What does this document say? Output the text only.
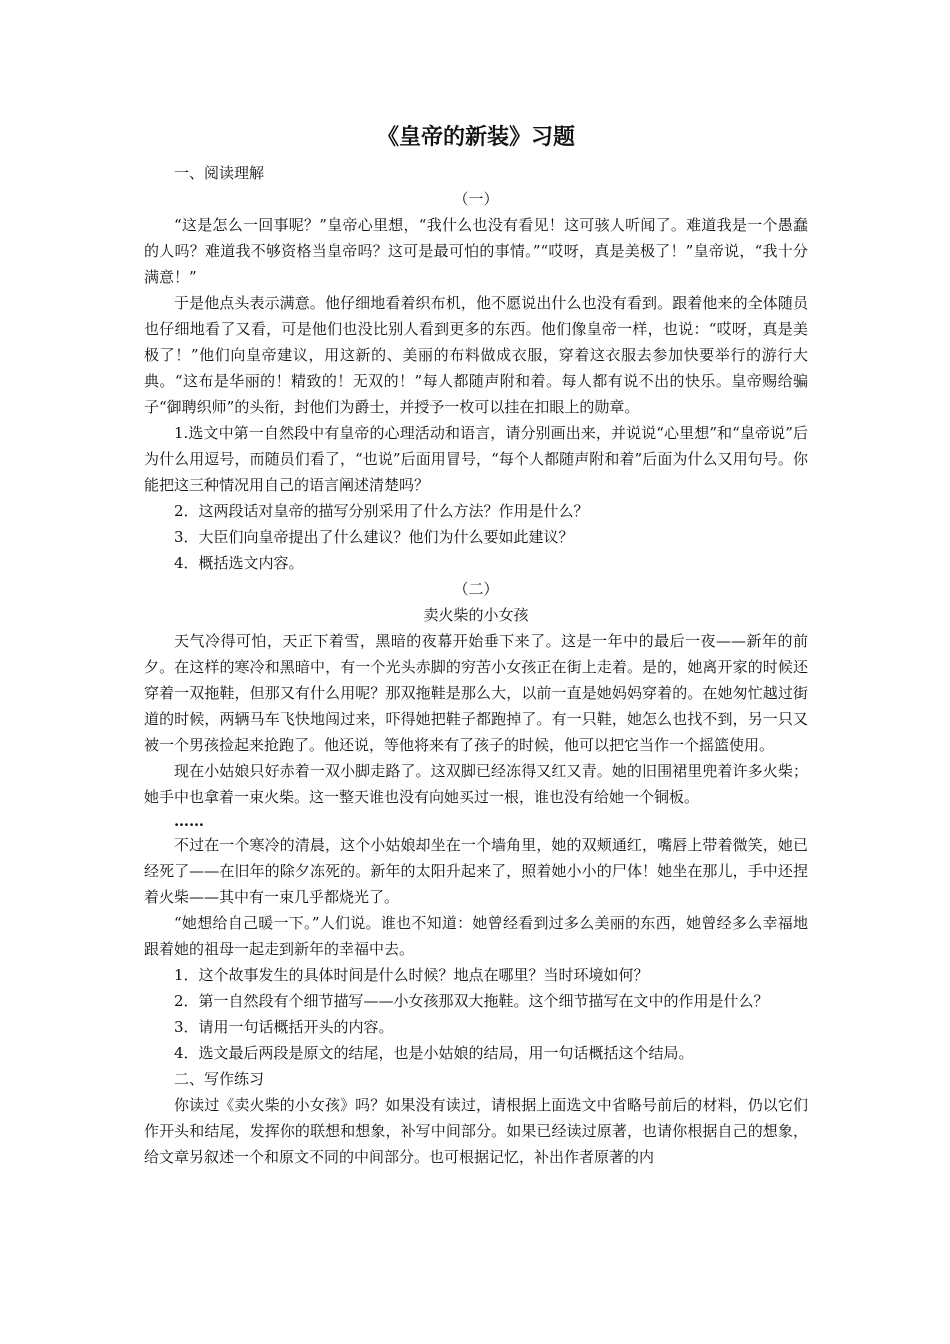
《皇帝的新装》习题

一、阅读理解

（一）

“这是怎么一回事呢？”皇帝心里想，“我什么也没有看见！这可骇人听闻了。难道我是一个愚蠢的人吗？难道我不够资格当皇帝吗？这可是最可怕的事情。”“哎呀，真是美极了！”皇帝说，“我十分满意！”

于是他点头表示满意。他仔细地看着织布机，他不愿说出什么也没有看到。跟着他来的全体随员也仔细地看了又看，可是他们也没比别人看到更多的东西。他们像皇帝一样，也说：“哎呀，真是美极了！”他们向皇帝建议，用这新的、美丽的布料做成衣服，穿着这衣服去参加快要举行的游行大典。“这布是华丽的！精致的！无双的！”每人都随声附和着。每人都有说不出的快乐。皇帝赐给骗子“御聘织师”的头衔，封他们为爵士，并授予一枚可以挂在扣眼上的勋章。

1.选文中第一自然段中有皇帝的心理活动和语言，请分别画出来，并说说“心里想”和“皇帝说”后为什么用逗号，而随员们看了，“也说”后面用冒号，“每个人都随声附和着”后面为什么又用句号。你能把这三种情况用自己的语言阐述清楚吗？

2．这两段话对皇帝的描写分别采用了什么方法？作用是什么？

3．大臣们向皇帝提出了什么建议？他们为什么要如此建议？

4．概括选文内容。

（二）

卖火柴的小女孩

天气冷得可怕，天正下着雪，黑暗的夜幕开始垂下来了。这是一年中的最后一夜——新年的前夕。在这样的寒冷和黑暗中，有一个光头赤脚的穷苦小女孩正在街上走着。是的，她离开家的时候还穿着一双拖鞋，但那又有什么用呢？那双拖鞋是那么大，以前一直是她妈妈穿着的。在她匆忙越过街道的时候，两辆马车飞快地闯过来，吓得她把鞋子都跑掉了。有一只鞋，她怎么也找不到，另一只又被一个男孩捡起来抢跑了。他还说，等他将来有了孩子的时候，他可以把它当作一个摇篮使用。

现在小姑娘只好赤着一双小脚走路了。这双脚已经冻得又红又青。她的旧围裙里兜着许多火柴；她手中也拿着一束火柴。这一整天谁也没有向她买过一根，谁也没有给她一个铜板。

……

不过在一个寒冷的清晨，这个小姑娘却坐在一个墙角里，她的双颊通红，嘴唇上带着微笑，她已经死了——在旧年的除夕冻死的。新年的太阳升起来了，照着她小小的尸体！她坐在那儿，手中还捏着火柴——其中有一束几乎都烧光了。

“她想给自己暖一下。”人们说。谁也不知道：她曾经看到过多么美丽的东西，她曾经多么幸福地跟着她的祖母一起走到新年的幸福中去。

1．这个故事发生的具体时间是什么时候？地点在哪里？当时环境如何？

2．第一自然段有个细节描写——小女孩那双大拖鞋。这个细节描写在文中的作用是什么？

3．请用一句话概括开头的内容。

4．选文最后两段是原文的结尾，也是小姑娘的结局，用一句话概括这个结局。

二、写作练习

你读过《卖火柴的小女孩》吗？如果没有读过，请根据上面选文中省略号前后的材料，仍以它们作开头和结尾，发挥你的联想和想象，补写中间部分。如果已经读过原著，也请你根据自己的想象，给文章另叙述一个和原文不同的中间部分。也可根据记忆，补出作者原著的内
